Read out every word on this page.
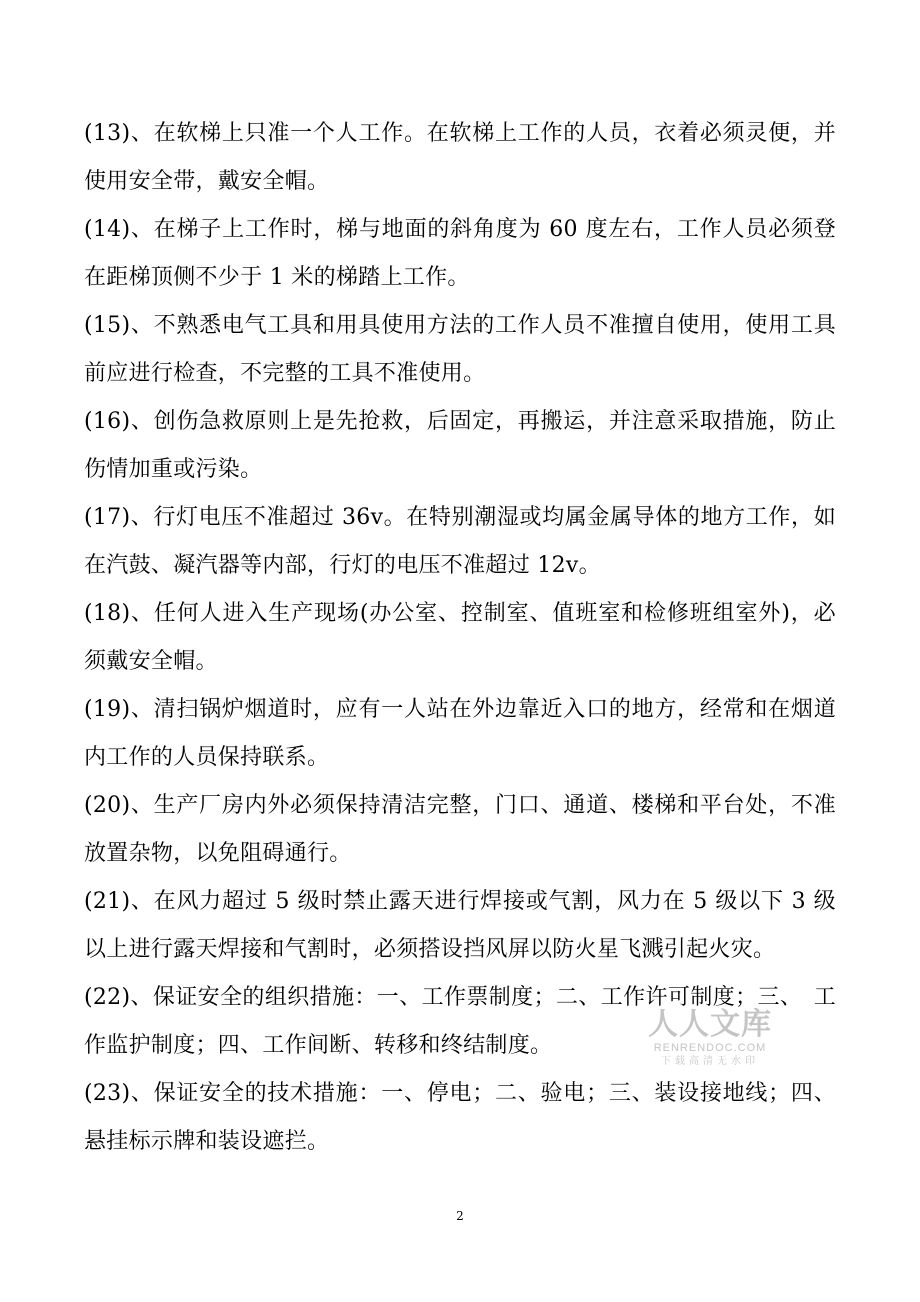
(13)、在软梯上只准一个人工作。在软梯上工作的人员，衣着必须灵便，并使用安全带，戴安全帽。
(14)、在梯子上工作时，梯与地面的斜角度为 60 度左右，工作人员必须登在距梯顶侧不少于 1 米的梯踏上工作。
(15)、不熟悉电气工具和用具使用方法的工作人员不准擅自使用，使用工具前应进行检查，不完整的工具不准使用。
(16)、创伤急救原则上是先抢救，后固定，再搬运，并注意采取措施，防止伤情加重或污染。
(17)、行灯电压不准超过 36v。在特别潮湿或均属金属导体的地方工作，如在汽鼓、凝汽器等内部，行灯的电压不准超过 12v。
(18)、任何人进入生产现场(办公室、控制室、值班室和检修班组室外)，必须戴安全帽。
(19)、清扫锅炉烟道时，应有一人站在外边靠近入口的地方，经常和在烟道内工作的人员保持联系。
(20)、生产厂房内外必须保持清洁完整，门口、通道、楼梯和平台处，不准放置杂物，以免阻碍通行。
(21)、在风力超过 5 级时禁止露天进行焊接或气割，风力在 5 级以下 3 级以上进行露天焊接和气割时，必须搭设挡风屏以防火星飞溅引起火灾。
(22)、保证安全的组织措施：一、工作票制度；二、工作许可制度；三、　工作监护制度；四、工作间断、转移和终结制度。
(23)、保证安全的技术措施：一、停电；二、验电；三、装设接地线；四、悬挂标示牌和装设遮拦。
人人文库
RENRENDOC.COM
下载高清无水印
2
